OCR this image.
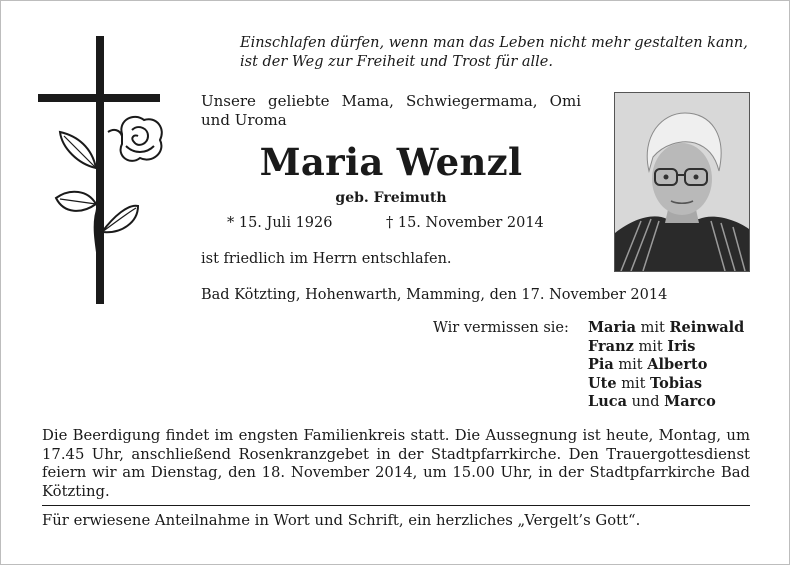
Einschlafen dürfen, wenn man das Leben nicht mehr gestalten kann,
ist der Weg zur Freiheit und Trost für alle.
Unsere geliebte Mama, Schwiegermama, Omi und Uroma
Maria Wenzl
geb. Freimuth
* 15. Juli 1926	† 15. November 2014
ist friedlich im Herrn entschlafen.
Bad Kötzting, Hohenwarth, Mamming, den 17. November 2014
Wir vermissen sie: Maria mit Reinwald
Franz mit Iris
Pia mit Alberto
Ute mit Tobias
Luca und Marco
Die Beerdigung findet im engsten Familienkreis statt. Die Aussegnung ist heute, Montag, um 17.45 Uhr, anschließend Rosenkranzgebet in der Stadtpfarrkirche. Den Trauergottesdienst feiern wir am Dienstag, den 18. November 2014, um 15.00 Uhr, in der Stadtpfarrkirche Bad Kötzting.
Für erwiesene Anteilnahme in Wort und Schrift, ein herzliches „Vergelt’s Gott“.
